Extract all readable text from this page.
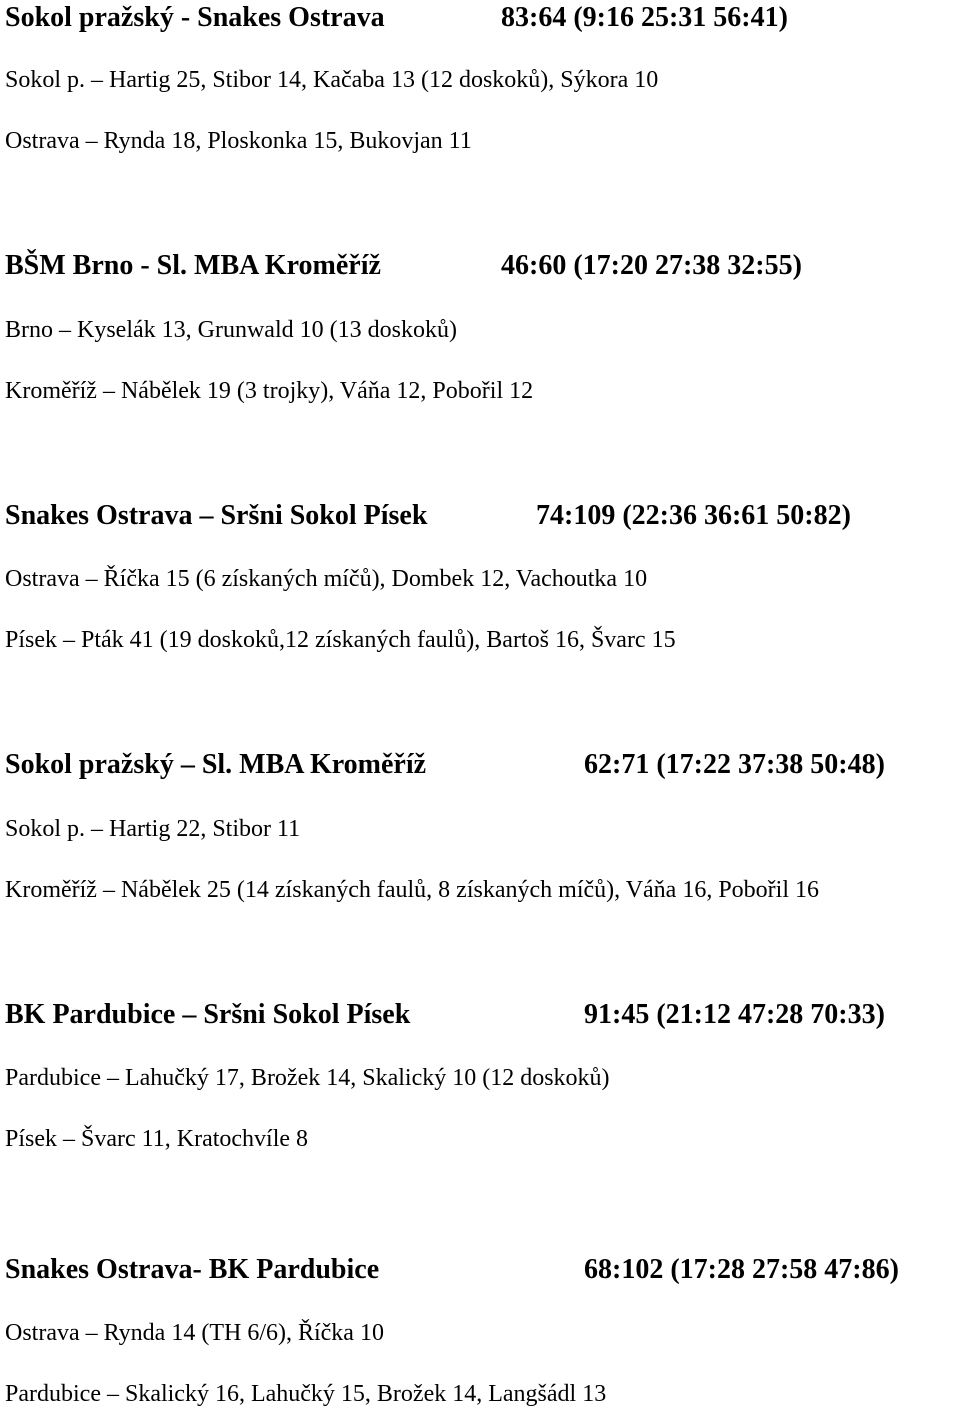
Sokol pražský - Snakes Ostrava	83:64 (9:16 25:31 56:41)
Sokol p. – Hartig 25, Stibor 14, Kačaba 13 (12 doskoků), Sýkora 10
Ostrava – Rynda 18, Ploskonka 15, Bukovjan 11
BŠM Brno - Sl. MBA Kroměříž	46:60 (17:20 27:38 32:55)
Brno – Kyselák 13, Grunwald 10 (13 doskoků)
Kroměříž – Nábělek 19 (3 trojky), Váňa 12, Pobořil 12
Snakes Ostrava – Sršni Sokol Písek	74:109 (22:36 36:61 50:82)
Ostrava – Říčka 15 (6 získaných míčů), Dombek 12, Vachoutka 10
Písek – Pták 41 (19 doskoků,12 získaných faulů), Bartoš 16, Švarc 15
Sokol pražský – Sl. MBA Kroměříž	62:71 (17:22 37:38 50:48)
Sokol p. – Hartig 22, Stibor 11
Kroměříž – Nábělek 25 (14 získaných faulů, 8 získaných míčů), Váňa 16, Pobořil 16
BK Pardubice – Sršni Sokol Písek	91:45 (21:12 47:28 70:33)
Pardubice – Lahučký 17, Brožek 14, Skalický 10 (12 doskoků)
Písek – Švarc 11, Kratochvíle 8
Snakes Ostrava- BK Pardubice	68:102 (17:28 27:58 47:86)
Ostrava – Rynda 14 (TH 6/6), Říčka 10
Pardubice – Skalický 16, Lahučký 15, Brožek 14, Langšádl 13
